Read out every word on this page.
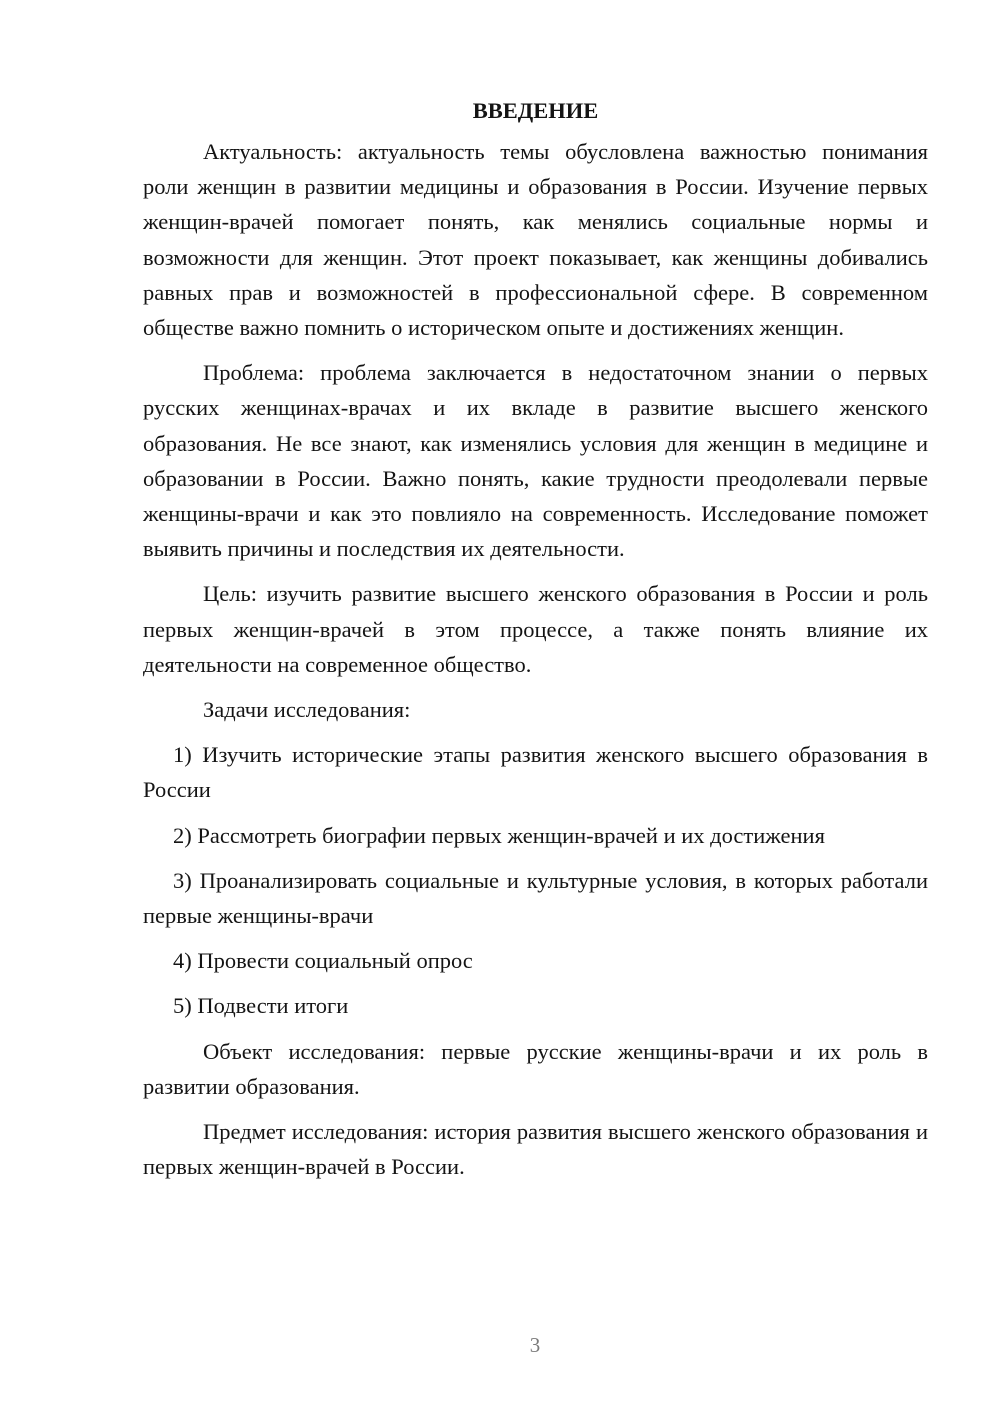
ВВЕДЕНИЕ

Актуальность: актуальность темы обусловлена важностью понимания роли женщин в развитии медицины и образования в России. Изучение первых женщин-врачей помогает понять, как менялись социальные нормы и возможности для женщин. Этот проект показывает, как женщины добивались равных прав и возможностей в профессиональной сфере. В современном обществе важно помнить о историческом опыте и достижениях женщин.

Проблема: проблема заключается в недостаточном знании о первых русских женщинах-врачах и их вкладе в развитие высшего женского образования. Не все знают, как изменялись условия для женщин в медицине и образовании в России. Важно понять, какие трудности преодолевали первые женщины-врачи и как это повлияло на современность. Исследование поможет выявить причины и последствия их деятельности.

Цель: изучить развитие высшего женского образования в России и роль первых женщин-врачей в этом процессе, а также понять влияние их деятельности на современное общество.

Задачи исследования:

1) Изучить исторические этапы развития женского высшего образования в России

2) Рассмотреть биографии первых женщин-врачей и их достижения

3) Проанализировать социальные и культурные условия, в которых работали первые женщины-врачи

4) Провести социальный опрос

5) Подвести итоги

Объект исследования: первые русские женщины-врачи и их роль в развитии образования.

Предмет исследования: история развития высшего женского образования и первых женщин-врачей в России.

3
